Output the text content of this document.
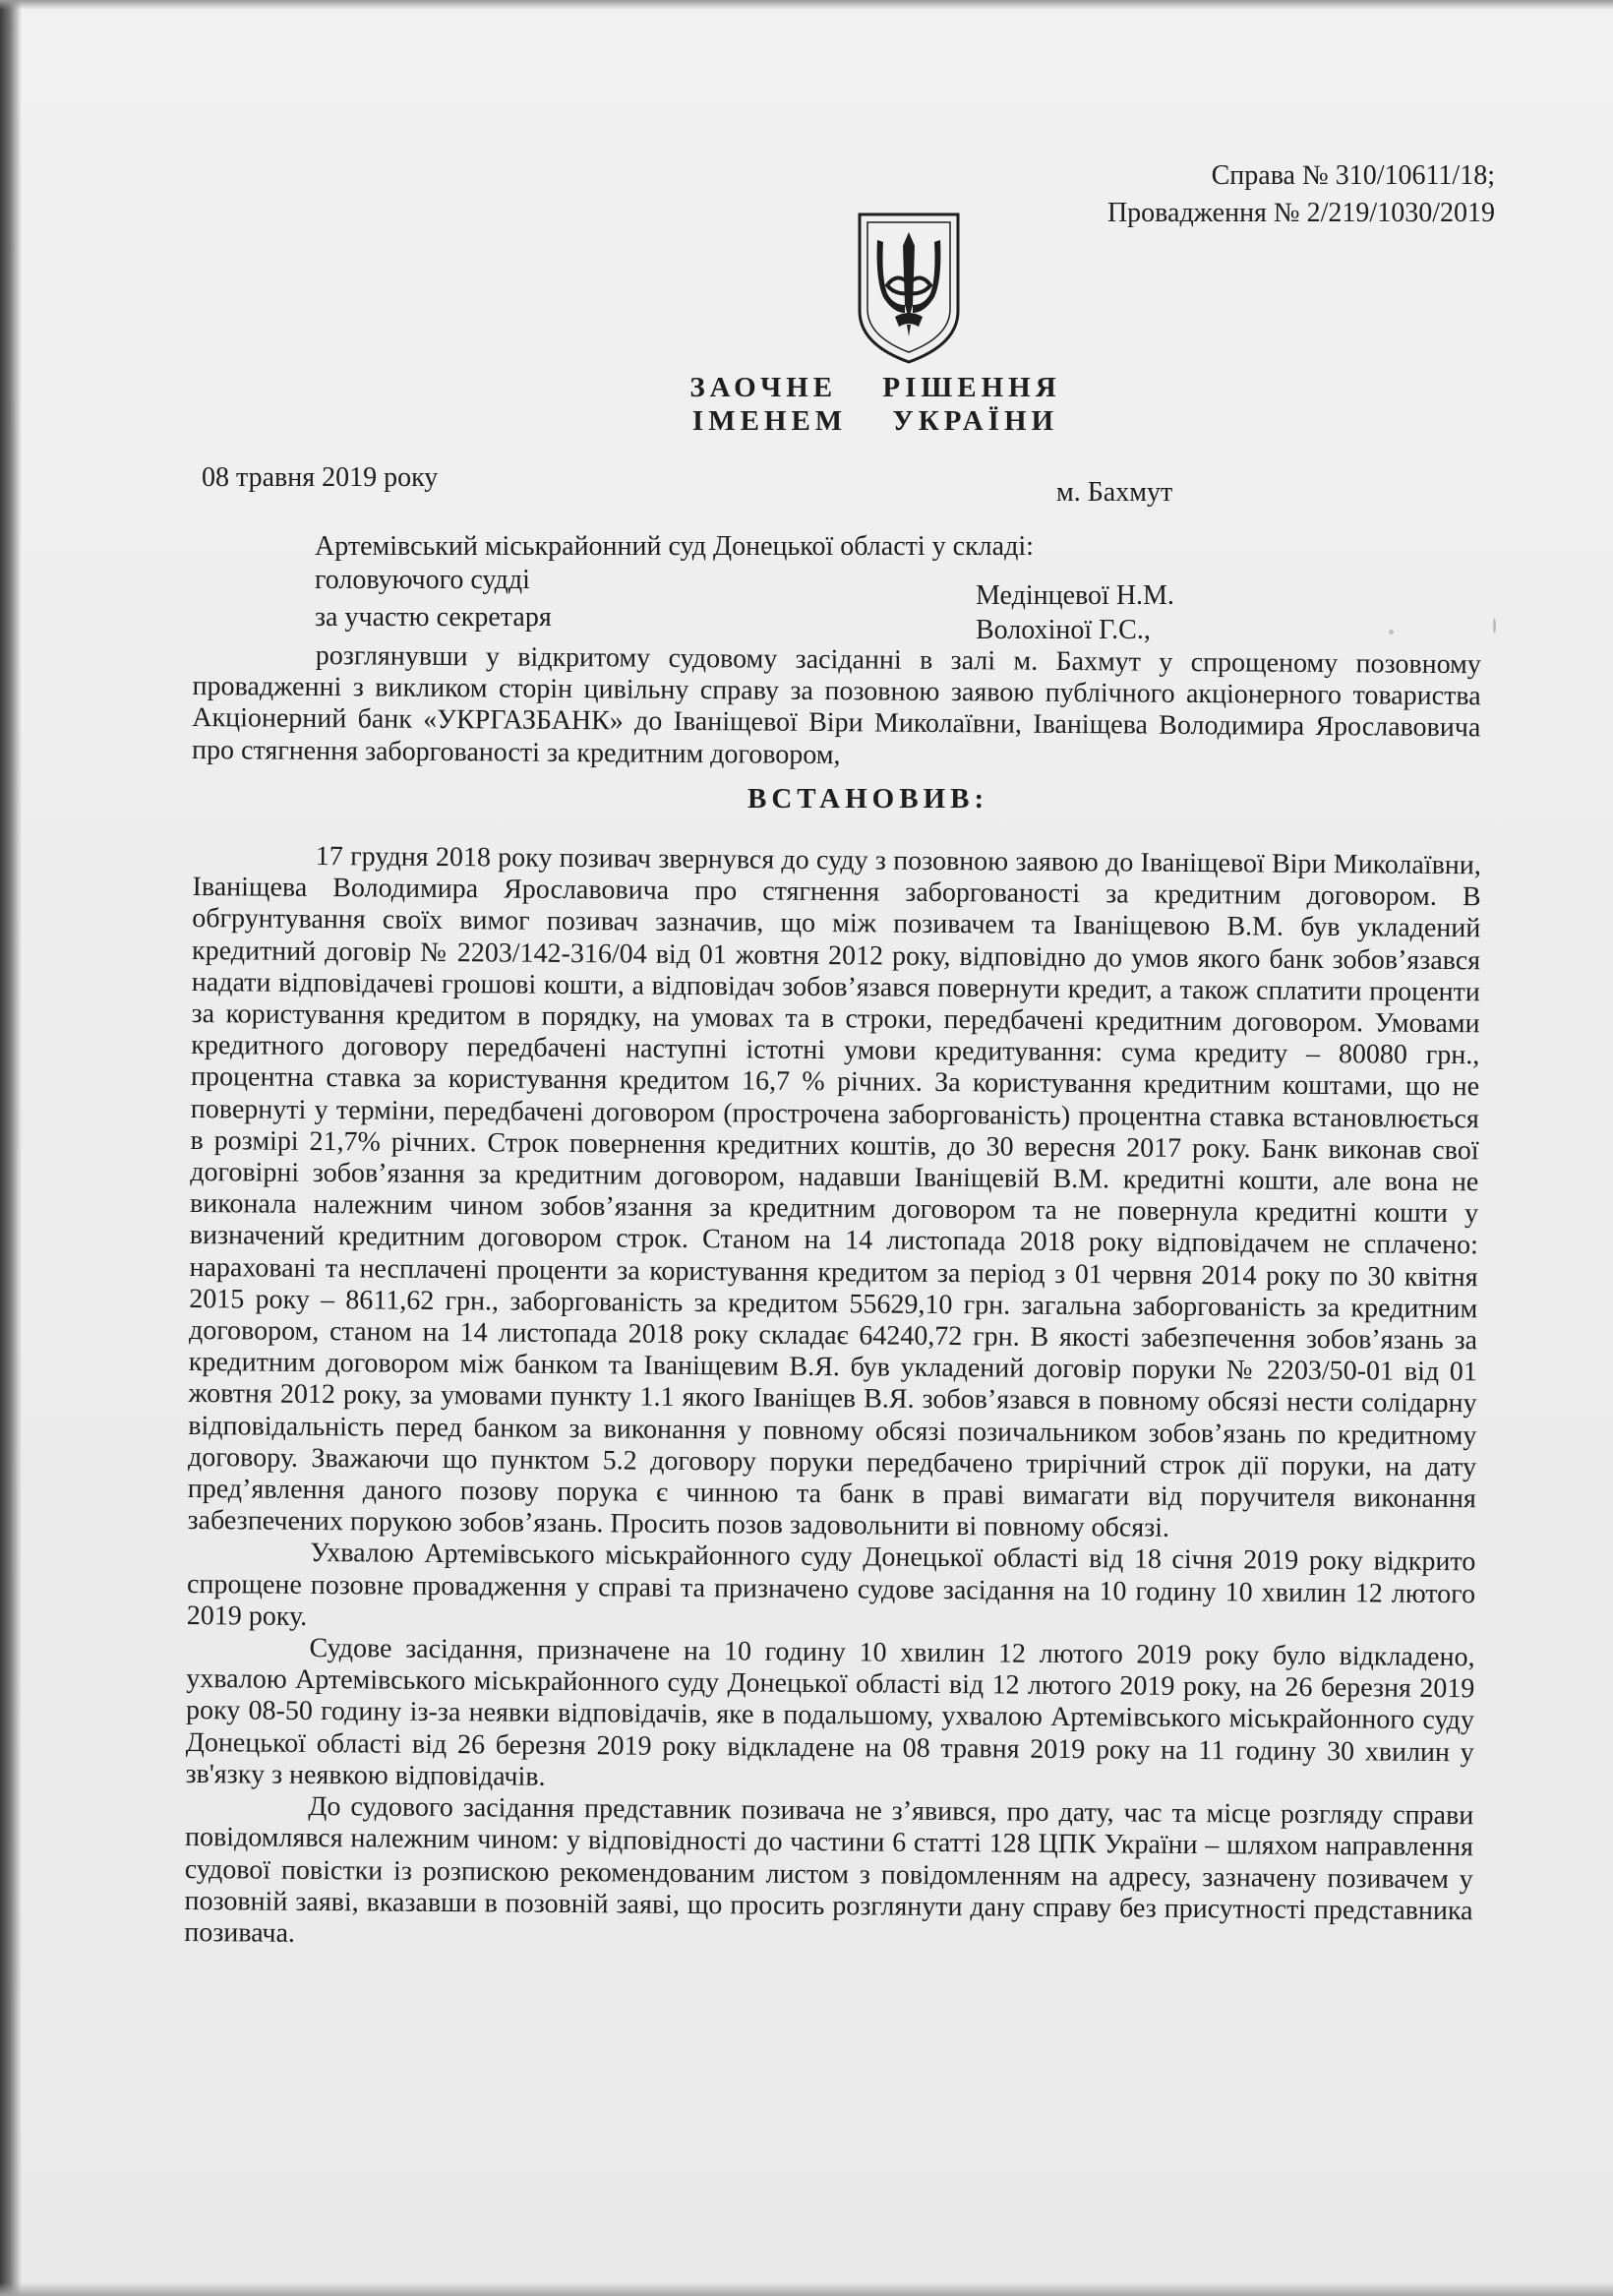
Справа № 310/10611/18;
Провадження № 2/219/1030/2019
ЗАОЧНЕ РІШЕННЯ
ІМЕНЕМ УКРАЇНИ
08 травня 2019 року	м. Бахмут
Артемівський міськрайонний суд Донецької області у складі:
головуючого судді
Медінцевої Н.М.
за участю секретаря	Волохіної Г.С.,

розглянувши у відкритому судовому засіданні в залі м. Бахмут у спрощеному позовному провадженні з викликом сторін цивільну справу за позовною заявою публічного акціонерного товариства Акціонерний банк «УКРГАЗБАНК» до Іваніщевої Віри Миколаївни, Іваніщева Володимира Ярославовича про стягнення заборгованості за кредитним договором,

ВСТАНОВИВ:

17 грудня 2018 року позивач звернувся до суду з позовною заявою до Іваніщевої Віри Миколаївни, Іваніщева Володимира Ярославовича про стягнення заборгованості за кредитним договором. В обгрунтування своїх вимог позивач зазначив, що між позивачем та Іваніщевою В.М. був укладений кредитний договір № 2203/142-316/04 від 01 жовтня 2012 року, відповідно до умов якого банк зобов’язався надати відповідачеві грошові кошти, а відповідач зобов’язався повернути кредит, а також сплатити проценти за користування кредитом в порядку, на умовах та в строки, передбачені кредитним договором. Умовами кредитного договору передбачені наступні істотні умови кредитування: сума кредиту – 80080 грн., процентна ставка за користування кредитом 16,7 % річних. За користування кредитним коштами, що не повернуті у терміни, передбачені договором (прострочена заборгованість) процентна ставка встановлюється в розмірі 21,7% річних. Строк повернення кредитних коштів, до 30 вересня 2017 року. Банк виконав свої договірні зобов’язання за кредитним договором, надавши Іваніщевій В.М. кредитні кошти, але вона не виконала належним чином зобов’язання за кредитним договором та не повернула кредитні кошти у визначений кредитним договором строк. Станом на 14 листопада 2018 року відповідачем не сплачено: нараховані та несплачені проценти за користування кредитом за період з 01 червня 2014 року по 30 квітня 2015 року – 8611,62 грн., заборгованість за кредитом 55629,10 грн. загальна заборгованість за кредитним договором, станом на 14 листопада 2018 року складає 64240,72 грн. В якості забезпечення зобов’язань за кредитним договором між банком та Іваніщевим В.Я. був укладений договір поруки № 2203/50-01 від 01 жовтня 2012 року, за умовами пункту 1.1 якого Іваніщев В.Я. зобов’язався в повному обсязі нести солідарну відповідальність перед банком за виконання у повному обсязі позичальником зобов’язань по кредитному договору. Зважаючи що пунктом 5.2 договору поруки передбачено трирічний строк дії поруки, на дату пред’явлення даного позову порука є чинною та банк в праві вимагати від поручителя виконання забезпечених порукою зобов’язань. Просить позов задовольнити ві повному обсязі.

Ухвалою Артемівського міськрайонного суду Донецької області від 18 січня 2019 року відкрито спрощене позовне провадження у справі та призначено судове засідання на 10 годину 10 хвилин 12 лютого 2019 року.

Судове засідання, призначене на 10 годину 10 хвилин 12 лютого 2019 року було відкладено, ухвалою Артемівського міськрайонного суду Донецької області від 12 лютого 2019 року, на 26 березня 2019 року 08-50 годину із-за неявки відповідачів, яке в подальшому, ухвалою Артемівського міськрайонного суду Донецької області від 26 березня 2019 року відкладене на 08 травня 2019 року на 11 годину 30 хвилин у зв'язку з неявкою відповідачів.

До судового засідання представник позивача не з’явився, про дату, час та місце розгляду справи повідомлявся належним чином: у відповідності до частини 6 статті 128 ЦПК України – шляхом направлення судової повістки із розпискою рекомендованим листом з повідомленням на адресу, зазначену позивачем у позовній заяві, вказавши в позовній заяві, що просить розглянути дану справу без присутності представника позивача.
